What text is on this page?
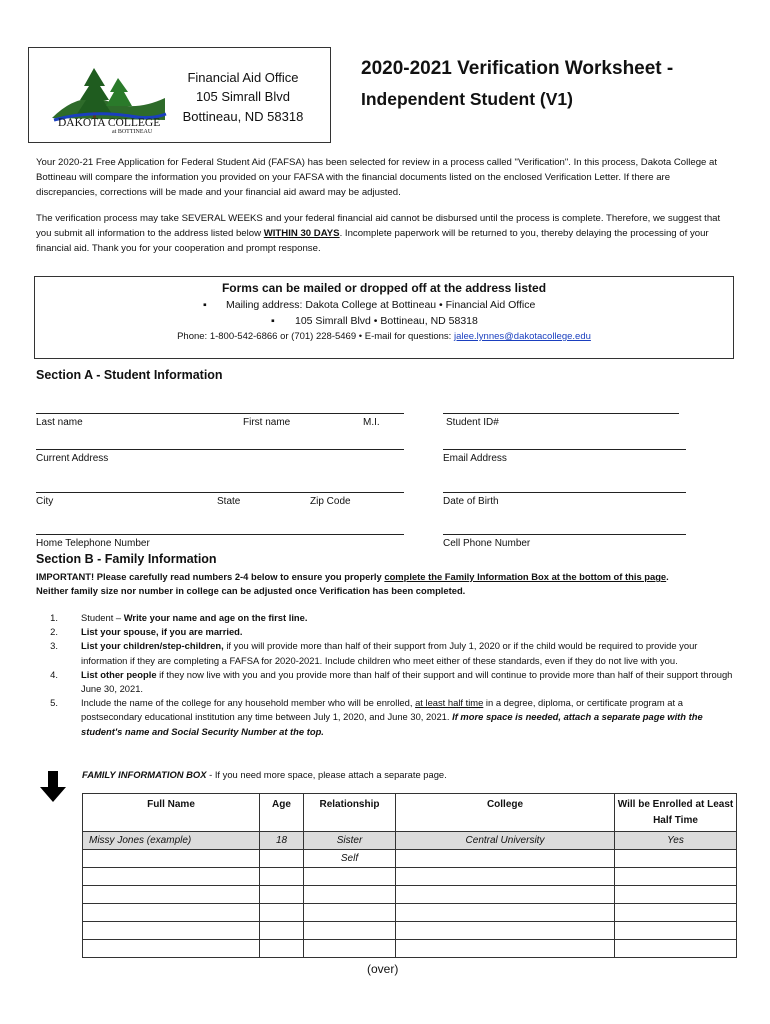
DAKOTA COLLEGE
at BOTTINEAU
Financial Aid Office
105 Simrall Blvd
Bottineau, ND 58318
2020-2021 Verification Worksheet -
Independent Student (V1)
Your 2020-21 Free Application for Federal Student Aid (FAFSA) has been selected for review in a process called "Verification". In this process, Dakota College at Bottineau will compare the information you provided on your FAFSA with the financial documents listed on the enclosed Verification Letter. If there are discrepancies, corrections will be made and your financial aid award may be adjusted.
The verification process may take SEVERAL WEEKS and your federal financial aid cannot be disbursed until the process is complete. Therefore, we suggest that you submit all information to the address listed below WITHIN 30 DAYS. Incomplete paperwork will be returned to you, thereby delaying the processing of your financial aid. Thank you for your cooperation and prompt response.
Forms can be mailed or dropped off at the address listed
▪ Mailing address: Dakota College at Bottineau • Financial Aid Office
▪ 105 Simrall Blvd • Bottineau, ND 58318
Phone: 1-800-542-6866 or (701) 228-5469 • E-mail for questions: jalee.lynnes@dakotacollege.edu
Section A - Student Information
Last name	First name	M.I.	Student ID#
Current Address	Email Address
City	State	Zip Code	Date of Birth
Home Telephone Number	Cell Phone Number
Section B - Family Information
IMPORTANT! Please carefully read numbers 2-4 below to ensure you properly complete the Family Information Box at the bottom of this page.
Neither family size nor number in college can be adjusted once Verification has been completed.
1. Student – Write your name and age on the first line.
2. List your spouse, if you are married.
3. List your children/step-children, if you will provide more than half of their support from July 1, 2020 or if the child would be required to provide your information if they are completing a FAFSA for 2020-2021. Include children who meet either of these standards, even if they do not live with you.
4. List other people if they now live with you and you provide more than half of their support and will continue to provide more than half of their support through June 30, 2021.
5. Include the name of the college for any household member who will be enrolled, at least half time in a degree, diploma, or certificate program at a postsecondary educational institution any time between July 1, 2020, and June 30, 2021. If more space is needed, attach a separate page with the student's name and Social Security Number at the top.
FAMILY INFORMATION BOX - If you need more space, please attach a separate page.
Full Name	Age	Relationship	College	Will be Enrolled at Least Half Time
Missy Jones (example)	18	Sister	Central University	Yes
		Self		

(over)
